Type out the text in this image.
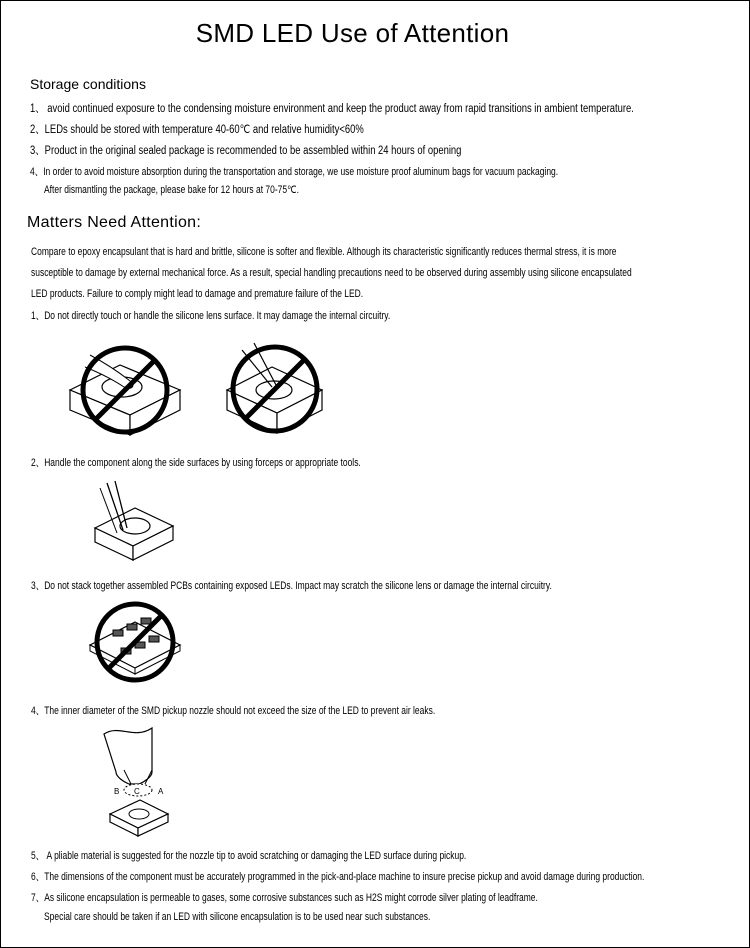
SMD LED Use of Attention
Storage conditions
1、 avoid continued exposure to the condensing moisture environment and keep the product away from rapid transitions in ambient temperature.
2、LEDs should be stored with temperature 40-60℃ and relative humidity<60%
3、Product in the original sealed package is recommended to be assembled within 24 hours of opening
4、In order to avoid moisture absorption during the transportation and storage, we use moisture proof aluminum bags for vacuum packaging.
After dismantling the package, please bake for 12 hours at 70-75℃.
Matters Need Attention:
Compare to epoxy encapsulant that is hard and brittle, silicone is softer and flexible. Although its characteristic significantly reduces thermal stress, it is more
susceptible to damage by external mechanical force. As a result, special handling precautions need to be observed during assembly using silicone encapsulated
LED products. Failure to comply might lead to damage and premature failure of the LED.
1、Do not directly touch or handle the silicone lens surface. It may damage the internal circuitry.
2、Handle the component along the side surfaces by using forceps or appropriate tools.
3、Do not stack together assembled PCBs containing exposed LEDs. Impact may scratch the silicone lens or damage the internal circuitry.
4、The inner diameter of the SMD pickup nozzle should not exceed the size of the LED to prevent air leaks.
B C A
5、 A pliable material is suggested for the nozzle tip to avoid scratching or damaging the LED surface during pickup.
6、The dimensions of the component must be accurately programmed in the pick-and-place machine to insure precise pickup and avoid damage during production.
7、As silicone encapsulation is permeable to gases, some corrosive substances such as H2S might corrode silver plating of leadframe.
Special care should be taken if an LED with silicone encapsulation is to be used near such substances.
